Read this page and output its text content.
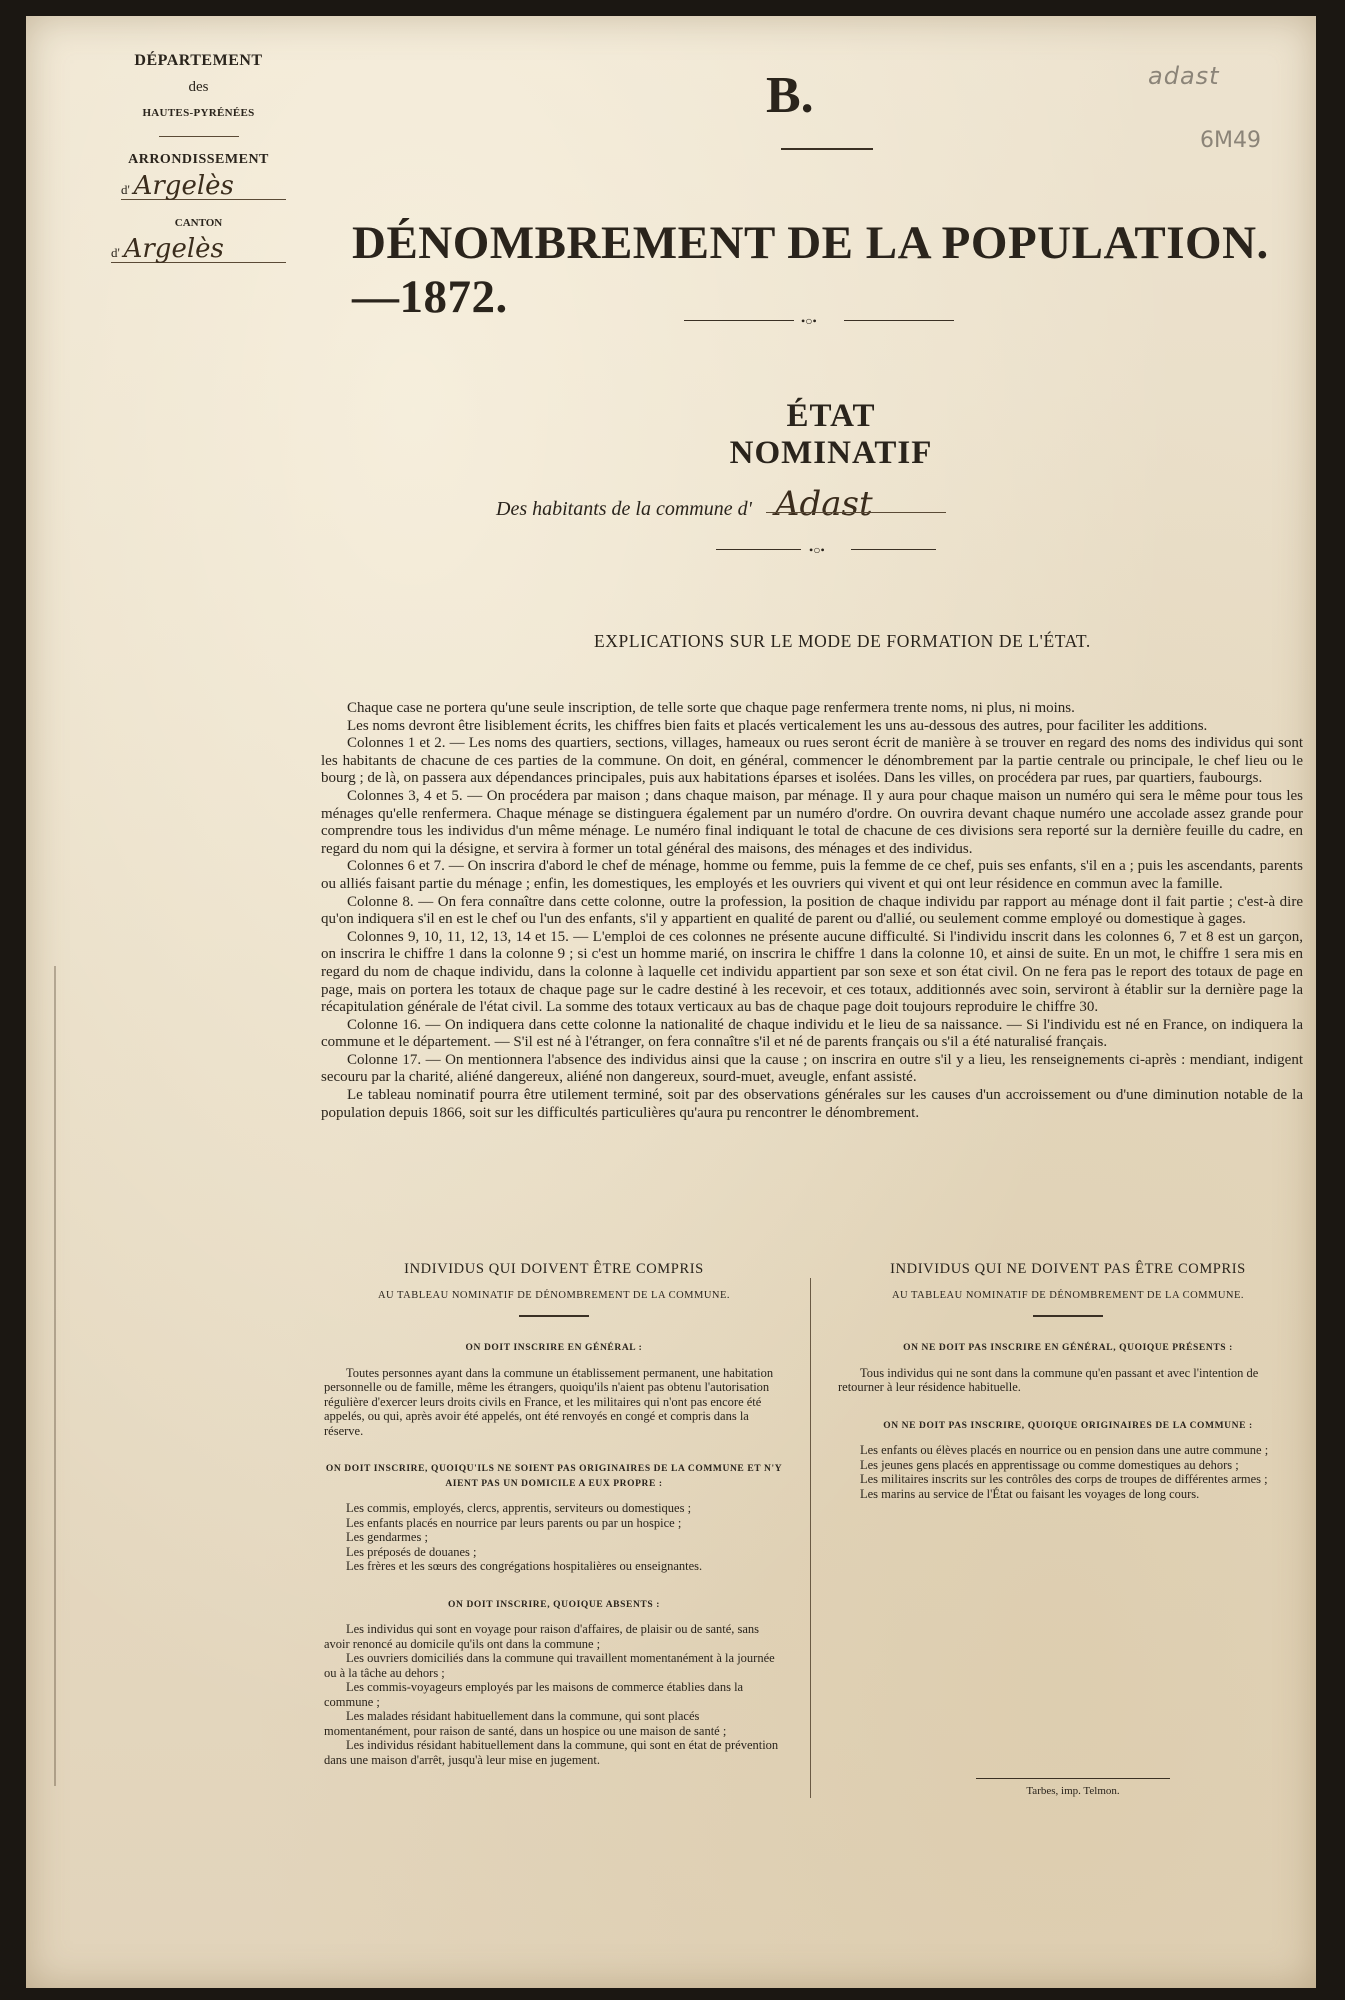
DÉPARTEMENT
des
HAUTES-PYRÉNÉES
ARRONDISSEMENT
d' Argelès
CANTON
d' Argelès
adast
6M49
B.
DÉNOMBREMENT DE LA POPULATION.—1872.	•○•
ÉTAT NOMINATIF
Des habitants de la commune d' Adast
•○•
EXPLICATIONS SUR LE MODE DE FORMATION DE L'ÉTAT.

Chaque case ne portera qu'une seule inscription, de telle sorte que chaque page renfermera trente noms, ni plus, ni moins.

Les noms devront être lisiblement écrits, les chiffres bien faits et placés verticalement les uns au-dessous des autres, pour faciliter les additions.

Colonnes 1 et 2. — Les noms des quartiers, sections, villages, hameaux ou rues seront écrit de manière à se trouver en regard des noms des individus qui sont les habitants de chacune de ces parties de la commune. On doit, en général, commencer le dénombrement par la partie centrale ou principale, le chef lieu ou le bourg ; de là, on passera aux dépendances principales, puis aux habitations éparses et isolées. Dans les villes, on procédera par rues, par quartiers, faubourgs.

Colonnes 3, 4 et 5. — On procédera par maison ; dans chaque maison, par ménage. Il y aura pour chaque maison un numéro qui sera le même pour tous les ménages qu'elle renfermera. Chaque ménage se distinguera également par un numéro d'ordre. On ouvrira devant chaque numéro une accolade assez grande pour comprendre tous les individus d'un même ménage. Le numéro final indiquant le total de chacune de ces divisions sera reporté sur la dernière feuille du cadre, en regard du nom qui la désigne, et servira à former un total général des maisons, des ménages et des individus.

Colonnes 6 et 7. — On inscrira d'abord le chef de ménage, homme ou femme, puis la femme de ce chef, puis ses enfants, s'il en a ; puis les ascendants, parents ou alliés faisant partie du ménage ; enfin, les domestiques, les employés et les ouvriers qui vivent et qui ont leur résidence en commun avec la famille.

Colonne 8. — On fera connaître dans cette colonne, outre la profession, la position de chaque individu par rapport au ménage dont il fait partie ; c'est-à dire qu'on indiquera s'il en est le chef ou l'un des enfants, s'il y appartient en qualité de parent ou d'allié, ou seulement comme employé ou domestique à gages.

Colonnes 9, 10, 11, 12, 13, 14 et 15. — L'emploi de ces colonnes ne présente aucune difficulté. Si l'individu inscrit dans les colonnes 6, 7 et 8 est un garçon, on inscrira le chiffre 1 dans la colonne 9 ; si c'est un homme marié, on inscrira le chiffre 1 dans la colonne 10, et ainsi de suite. En un mot, le chiffre 1 sera mis en regard du nom de chaque individu, dans la colonne à laquelle cet individu appartient par son sexe et son état civil. On ne fera pas le report des totaux de page en page, mais on portera les totaux de chaque page sur le cadre destiné à les recevoir, et ces totaux, additionnés avec soin, serviront à établir sur la dernière page la récapitulation générale de l'état civil. La somme des totaux verticaux au bas de chaque page doit toujours reproduire le chiffre 30.

Colonne 16. — On indiquera dans cette colonne la nationalité de chaque individu et le lieu de sa naissance. — Si l'individu est né en France, on indiquera la commune et le département. — S'il est né à l'étranger, on fera connaître s'il et né de parents français ou s'il a été naturalisé français.

Colonne 17. — On mentionnera l'absence des individus ainsi que la cause ; on inscrira en outre s'il y a lieu, les renseignements ci-après : mendiant, indigent secouru par la charité, aliéné dangereux, aliéné non dangereux, sourd-muet, aveugle, enfant assisté.

Le tableau nominatif pourra être utilement terminé, soit par des observations générales sur les causes d'un accroissement ou d'une diminution notable de la population depuis 1866, soit sur les difficultés particulières qu'aura pu rencontrer le dénombrement.

INDIVIDUS QUI DOIVENT ÊTRE COMPRIS
AU TABLEAU NOMINATIF DE DÉNOMBREMENT DE LA COMMUNE.
ON DOIT INSCRIRE EN GÉNÉRAL :

Toutes personnes ayant dans la commune un établissement permanent, une habitation personnelle ou de famille, même les étrangers, quoiqu'ils n'aient pas obtenu l'autorisation régulière d'exercer leurs droits civils en France, et les militaires qui n'ont pas encore été appelés, ou qui, après avoir été appelés, ont été renvoyés en congé et compris dans la réserve.

ON DOIT INSCRIRE, QUOIQU'ILS NE SOIENT PAS ORIGINAIRES DE LA COMMUNE ET N'Y AIENT PAS UN DOMICILE A EUX PROPRE :

Les commis, employés, clercs, apprentis, serviteurs ou domestiques ;

Les enfants placés en nourrice par leurs parents ou par un hospice ;

Les gendarmes ;

Les préposés de douanes ;

Les frères et les sœurs des congrégations hospitalières ou enseignantes.

ON DOIT INSCRIRE, QUOIQUE ABSENTS :

Les individus qui sont en voyage pour raison d'affaires, de plaisir ou de santé, sans avoir renoncé au domicile qu'ils ont dans la commune ;

Les ouvriers domiciliés dans la commune qui travaillent momentanément à la journée ou à la tâche au dehors ;

Les commis-voyageurs employés par les maisons de commerce établies dans la commune ;

Les malades résidant habituellement dans la commune, qui sont placés momentanément, pour raison de santé, dans un hospice ou une maison de santé ;

Les individus résidant habituellement dans la commune, qui sont en état de prévention dans une maison d'arrêt, jusqu'à leur mise en jugement.

INDIVIDUS QUI NE DOIVENT PAS ÊTRE COMPRIS
AU TABLEAU NOMINATIF DE DÉNOMBREMENT DE LA COMMUNE.
ON NE DOIT PAS INSCRIRE EN GÉNÉRAL, QUOIQUE PRÉSENTS :

Tous individus qui ne sont dans la commune qu'en passant et avec l'intention de retourner à leur résidence habituelle.

ON NE DOIT PAS INSCRIRE, QUOIQUE ORIGINAIRES DE LA COMMUNE :

Les enfants ou élèves placés en nourrice ou en pension dans une autre commune ;

Les jeunes gens placés en apprentissage ou comme domestiques au dehors ;

Les militaires inscrits sur les contrôles des corps de troupes de différentes armes ;

Les marins au service de l'État ou faisant les voyages de long cours.

Tarbes, imp. Telmon.
